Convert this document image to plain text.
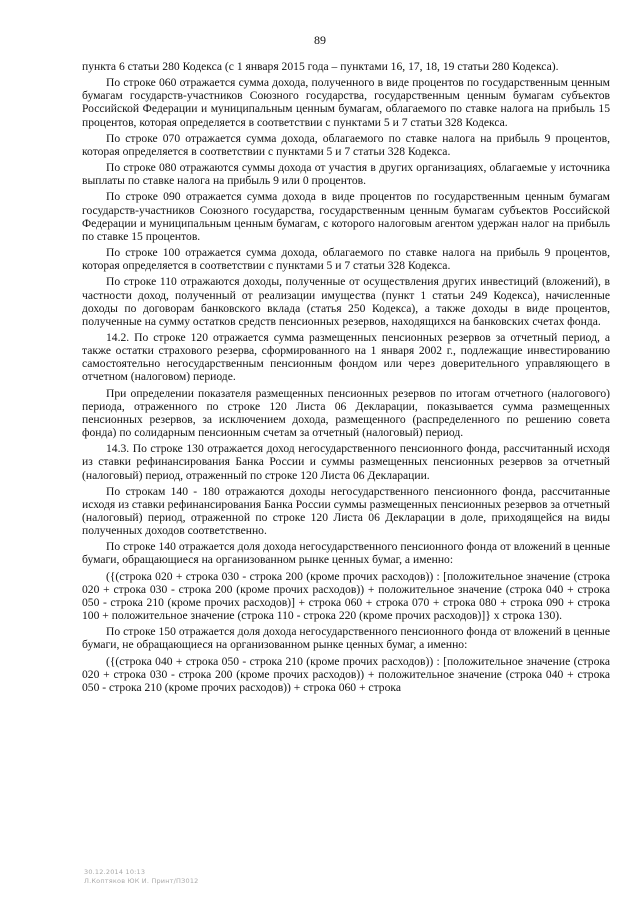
89

пункта 6 статьи 280 Кодекса (с 1 января 2015 года – пунктами 16, 17, 18, 19 статьи 280 Кодекса).

По строке 060 отражается сумма дохода, полученного в виде процентов по государственным ценным бумагам государств-участников Союзного государства, государственным ценным бумагам субъектов Российской Федерации и муниципальным ценным бумагам, облагаемого по ставке налога на прибыль 15 процентов, которая определяется в соответствии с пунктами 5 и 7 статьи 328 Кодекса.

По строке 070 отражается сумма дохода, облагаемого по ставке налога на прибыль 9 процентов, которая определяется в соответствии с пунктами 5 и 7 статьи 328 Кодекса.

По строке 080 отражаются суммы дохода от участия в других организациях, облагаемые у источника выплаты по ставке налога на прибыль 9 или 0 процентов.

По строке 090 отражается сумма дохода в виде процентов по государственным ценным бумагам государств-участников Союзного государства, государственным ценным бумагам субъектов Российской Федерации и муниципальным ценным бумагам, с которого налоговым агентом удержан налог на прибыль по ставке 15 процентов.

По строке 100 отражается сумма дохода, облагаемого по ставке налога на прибыль 9 процентов, которая определяется в соответствии с пунктами 5 и 7 статьи 328 Кодекса.

По строке 110 отражаются доходы, полученные от осуществления других инвестиций (вложений), в частности доход, полученный от реализации имущества (пункт 1 статьи 249 Кодекса), начисленные доходы по договорам банковского вклада (статья 250 Кодекса), а также доходы в виде процентов, полученные на сумму остатков средств пенсионных резервов, находящихся на банковских счетах фонда.

14.2. По строке 120 отражается сумма размещенных пенсионных резервов за отчетный период, а также остатки страхового резерва, сформированного на 1 января 2002 г., подлежащие инвестированию самостоятельно негосударственным пенсионным фондом или через доверительного управляющего в отчетном (налоговом) периоде.

При определении показателя размещенных пенсионных резервов по итогам отчетного (налогового) периода, отраженного по строке 120 Листа 06 Декларации, показывается сумма размещенных пенсионных резервов, за исключением дохода, размещенного (распределенного по решению совета фонда) по солидарным пенсионным счетам за отчетный (налоговый) период.

14.3. По строке 130 отражается доход негосударственного пенсионного фонда, рассчитанный исходя из ставки рефинансирования Банка России и суммы размещенных пенсионных резервов за отчетный (налоговый) период, отраженный по строке 120 Листа 06 Декларации.

По строкам 140 - 180 отражаются доходы негосударственного пенсионного фонда, рассчитанные исходя из ставки рефинансирования Банка России суммы размещенных пенсионных резервов за отчетный (налоговый) период, отраженной по строке 120 Листа 06 Декларации в доле, приходящейся на виды полученных доходов соответственно.

По строке 140 отражается доля дохода негосударственного пенсионного фонда от вложений в ценные бумаги, обращающиеся на организованном рынке ценных бумаг, а именно:

({(строка 020 + строка 030 - строка 200 (кроме прочих расходов)) : [положительное значение (строка 020 + строка 030 - строка 200 (кроме прочих расходов)) + положительное значение (строка 040 + строка 050 - строка 210 (кроме прочих расходов)] + строка 060 + строка 070 + строка 080 + строка 090 + строка 100 + положительное значение (строка 110 - строка 220 (кроме прочих расходов)]} x строка 130).

По строке 150 отражается доля дохода негосударственного пенсионного фонда от вложений в ценные бумаги, не обращающиеся на организованном рынке ценных бумаг, а именно:

({(строка 040 + строка 050 - строка 210 (кроме прочих расходов)) : [положительное значение (строка 020 + строка 030 - строка 200 (кроме прочих расходов)) + положительное значение (строка 040 + строка 050 - строка 210 (кроме прочих расходов)) + строка 060 + строка

30.12.2014 10:13
Л.Коптяков ЮК И. Принт/ПЗ012
